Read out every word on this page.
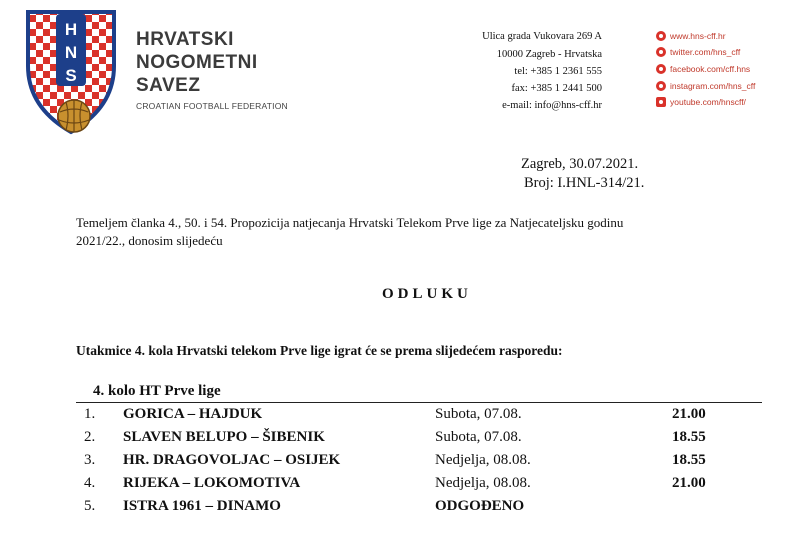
H
N
S
HRVATSKI
NOGOMETNI
SAVEZ
CROATIAN FOOTBALL FEDERATION
Ulica grada Vukovara 269 A
10000 Zagreb - Hrvatska
tel: +385 1 2361 555
fax: +385 1 2441 500
e-mail: info@hns-cff.hr
www.hns-cff.hr
twitter.com/hns_cff
facebook.com/cff.hns
instagram.com/hns_cff
youtube.com/hnscff/
Zagreb, 30.07.2021.
Broj: I.HNL-314/21.
Temeljem članka 4., 50. i 54. Propozicija natjecanja Hrvatski Telekom Prve lige za Natjecateljsku godinu
2021/22., donosim slijedeću
ODLUKU
Utakmice 4. kola Hrvatski telekom Prve lige igrat će se prema slijedećem rasporedu:
4. kolo HT Prve lige
1. GORICA – HAJDUK	Subota, 07.08.	21.00
2. SLAVEN BELUPO – ŠIBENIK	Subota, 07.08.	18.55
3. HR. DRAGOVOLJAC – OSIJEK	Nedjelja, 08.08.	18.55
4. RIJEKA – LOKOMOTIVA	Nedjelja, 08.08.	21.00
5. ISTRA 1961 – DINAMO	ODGOĐENO
